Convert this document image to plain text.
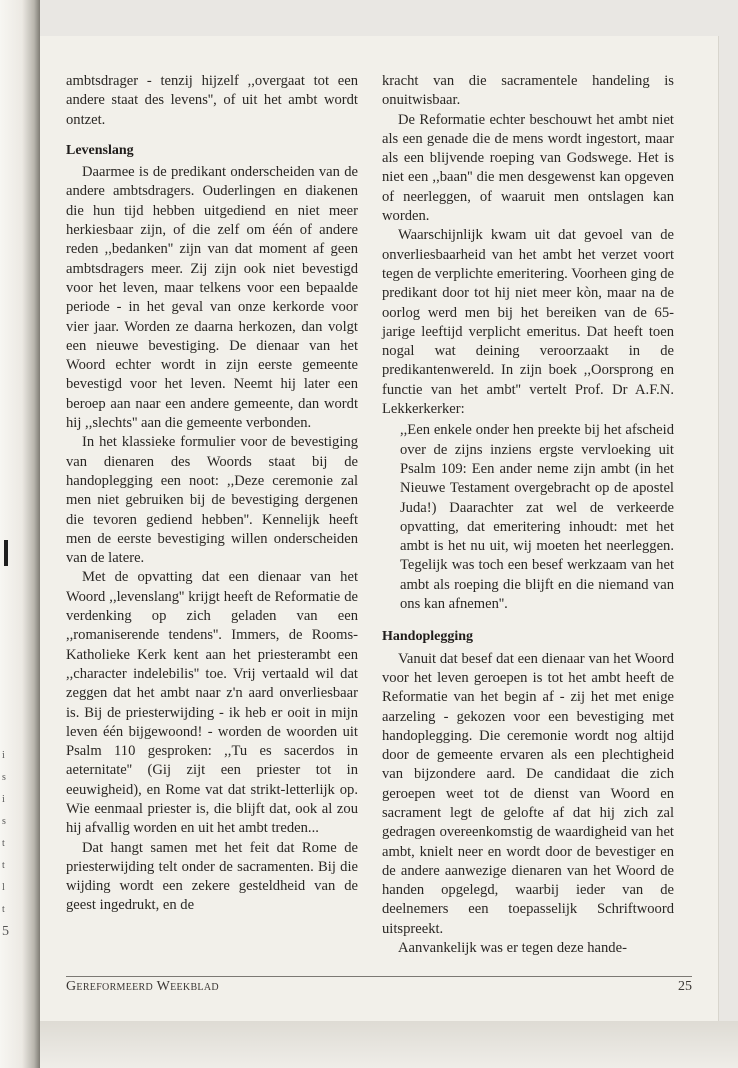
i
s
i
s
t
t
l
t
5

ambtsdrager - tenzij hijzelf ,,overgaat tot een andere staat des levens'', of uit het ambt wordt ontzet.

Levenslang

Daarmee is de predikant onderscheiden van de andere ambtsdragers. Ouderlingen en diakenen die hun tijd hebben uitgediend en niet meer herkiesbaar zijn, of die zelf om één of andere reden ,,bedanken'' zijn van dat moment af geen ambtsdragers meer. Zij zijn ook niet bevestigd voor het leven, maar telkens voor een bepaalde periode - in het geval van onze kerkorde voor vier jaar. Worden ze daarna herkozen, dan volgt een nieuwe bevestiging. De dienaar van het Woord echter wordt in zijn eerste gemeente bevestigd voor het leven. Neemt hij later een beroep aan naar een andere gemeente, dan wordt hij ,,slechts'' aan die gemeente verbonden.

In het klassieke formulier voor de bevestiging van dienaren des Woords staat bij de handoplegging een noot: ,,Deze ceremonie zal men niet gebruiken bij de bevestiging dergenen die tevoren gediend hebben''. Kennelijk heeft men de eerste bevestiging willen onderscheiden van de latere.

Met de opvatting dat een dienaar van het Woord ,,levenslang'' krijgt heeft de Reformatie de verdenking op zich geladen van een ,,romaniserende tendens''. Immers, de Rooms-Katholieke Kerk kent aan het priesterambt een ,,character indelebilis'' toe. Vrij vertaald wil dat zeggen dat het ambt naar z'n aard onverliesbaar is. Bij de priesterwijding - ik heb er ooit in mijn leven één bijgewoond! - worden de woorden uit Psalm 110 gesproken: ,,Tu es sacerdos in aeternitate'' (Gij zijt een priester tot in eeuwigheid), en Rome vat dat strikt-letterlijk op. Wie eenmaal priester is, die blijft dat, ook al zou hij afvallig worden en uit het ambt treden...

Dat hangt samen met het feit dat Rome de priesterwijding telt onder de sacramenten. Bij die wijding wordt een zekere gesteldheid van de geest ingedrukt, en de

kracht van die sacramentele handeling is onuitwisbaar.

De Reformatie echter beschouwt het ambt niet als een genade die de mens wordt ingestort, maar als een blijvende roeping van Godswege. Het is niet een ,,baan'' die men desgewenst kan opgeven of neerleggen, of waaruit men ontslagen kan worden.

Waarschijnlijk kwam uit dat gevoel van de onverliesbaarheid van het ambt het verzet voort tegen de verplichte emeritering. Voorheen ging de predikant door tot hij niet meer kòn, maar na de oorlog werd men bij het bereiken van de 65-jarige leeftijd verplicht emeritus. Dat heeft toen nogal wat deining veroorzaakt in de predikantenwereld. In zijn boek ,,Oorsprong en functie van het ambt'' vertelt Prof. Dr A.F.N. Lekkerkerker:

,,Een enkele onder hen preekte bij het afscheid over de zijns inziens ergste vervloeking uit Psalm 109: Een ander neme zijn ambt (in het Nieuwe Testament overgebracht op de apostel Juda!) Daarachter zat wel de verkeerde opvatting, dat emeritering inhoudt: met het ambt is het nu uit, wij moeten het neerleggen. Tegelijk was toch een besef werkzaam van het ambt als roeping die blijft en die niemand van ons kan afnemen''.

Handoplegging

Vanuit dat besef dat een dienaar van het Woord voor het leven geroepen is tot het ambt heeft de Reformatie van het begin af - zij het met enige aarzeling - gekozen voor een bevestiging met handoplegging. Die ceremonie wordt nog altijd door de gemeente ervaren als een plechtigheid van bijzondere aard. De candidaat die zich geroepen weet tot de dienst van Woord en sacrament legt de gelofte af dat hij zich zal gedragen overeenkomstig de waardigheid van het ambt, knielt neer en wordt door de bevestiger en de andere aanwezige dienaren van het Woord de handen opgelegd, waarbij ieder van de deelnemers een toepasselijk Schriftwoord uitspreekt.

Aanvankelijk was er tegen deze hande-

Gereformeerd Weekblad	25
